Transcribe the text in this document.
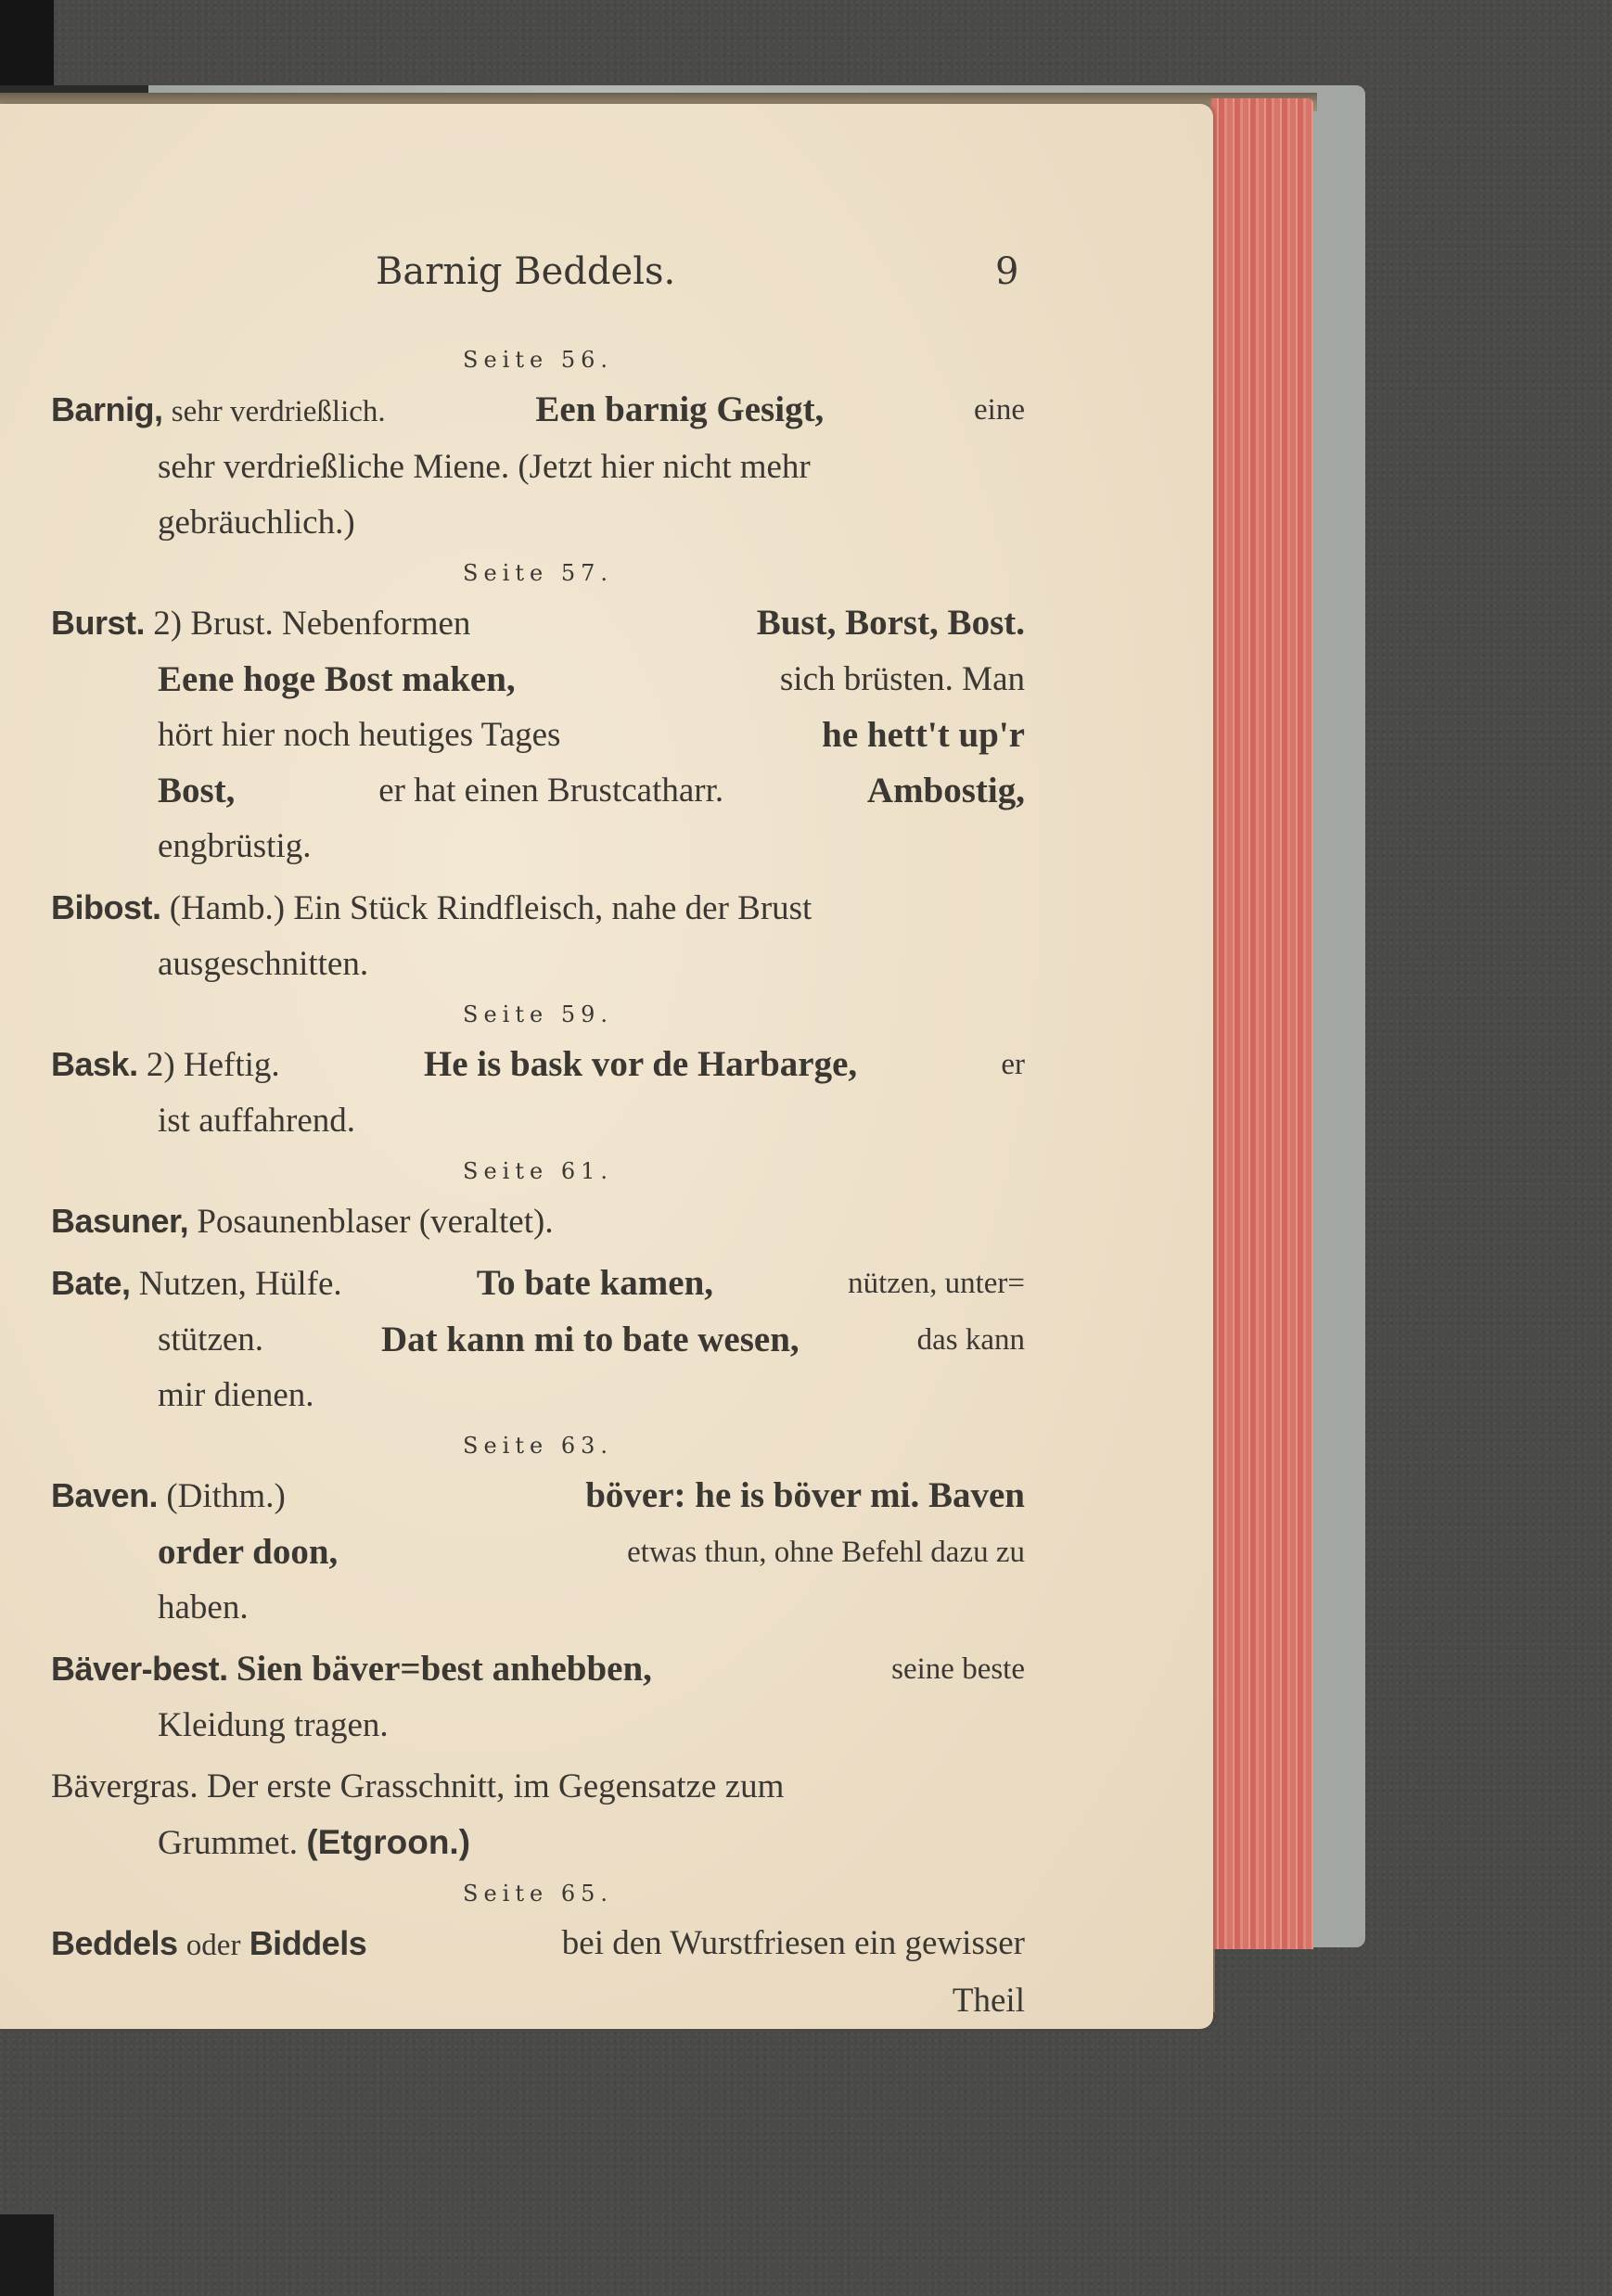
Barnig Beddels.	9
Seite 56.
Barnig, sehr verdrießlich.	Een barnig Gesigt,	eine
sehr verdrießliche Miene. (Jetzt hier nicht mehr
gebräuchlich.)
Seite 57.
Burst. 2) Brust. Nebenformen	Bust, Borst, Bost.
Eene hoge Bost maken,	sich brüsten. Man
hört hier noch heutiges Tages	he hett't up'r
Bost,	er hat einen Brustcatharr.	Ambostig,
engbrüstig.
Bibost. (Hamb.) Ein Stück Rindfleisch, nahe der Brust
ausgeschnitten.
Seite 59.
Bask. 2) Heftig.	He is bask vor de Harbarge,	er
ist auffahrend.
Seite 61.
Basuner, Posaunenblaser (veraltet).
Bate, Nutzen, Hülfe.	To bate kamen,	nützen, unter=
stützen.	Dat kann mi to bate wesen,	das kann
mir dienen.
Seite 63.
Baven. (Dithm.)	böver: he is böver mi. Baven
order doon,	etwas thun, ohne Befehl dazu zu
haben.
Bäver-best. Sien bäver=best anhebben,	seine beste
Kleidung tragen.
Bävergras. Der erste Grasschnitt, im Gegensatze zum
Grummet. (Etgroon.)
Seite 65.
Beddels oder Biddels	bei den Wurstfriesen ein gewisser
Theil
